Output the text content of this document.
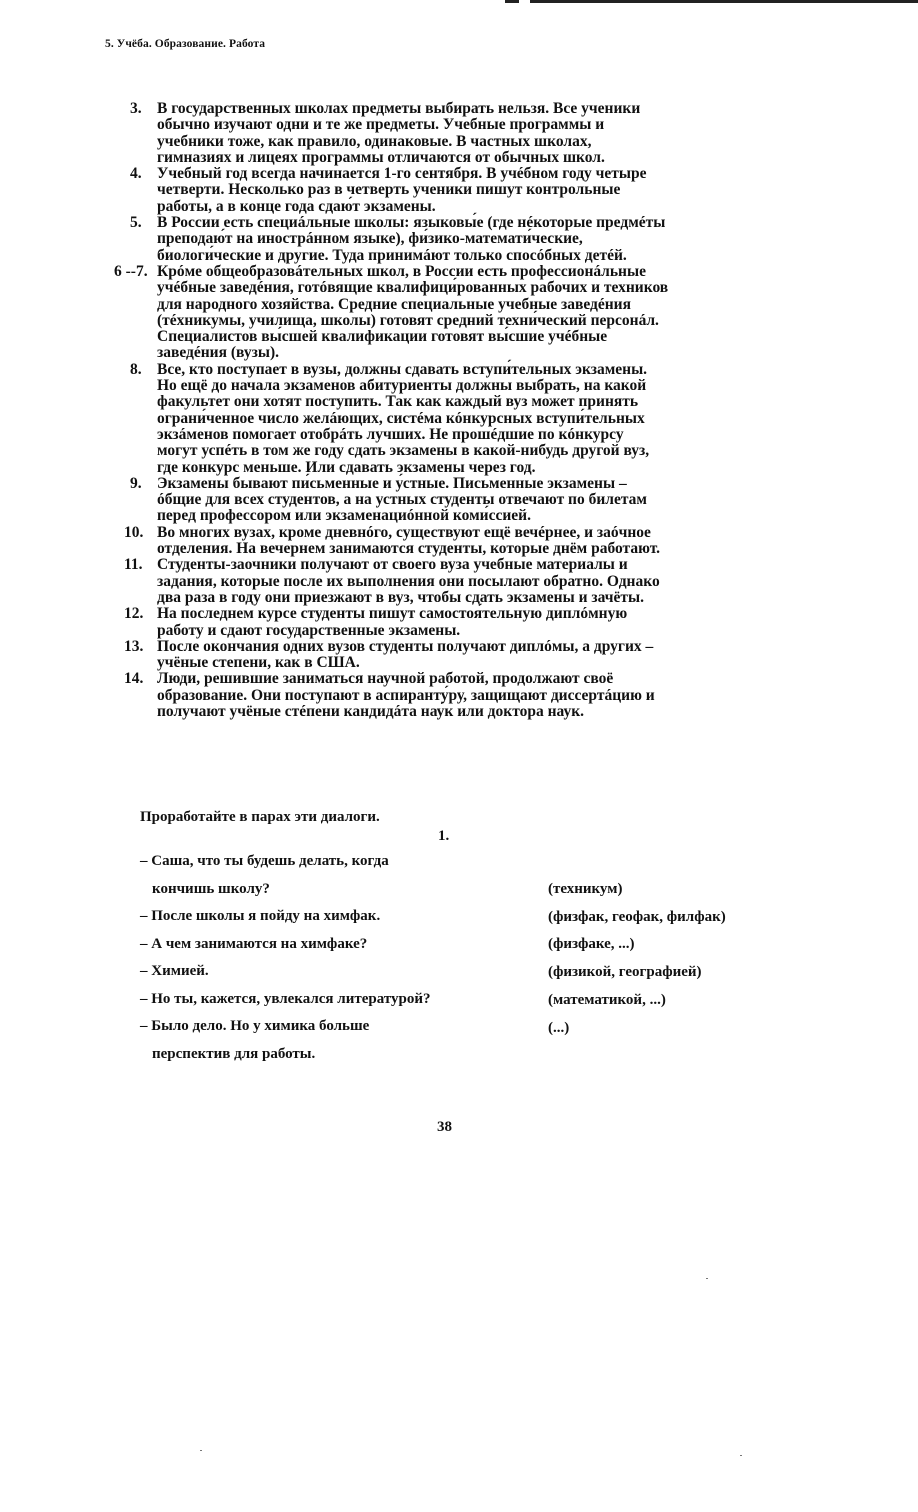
5. Учёба. Образование. Работа
3. В государственных школах предметы выбирать нельзя. Все ученики
обычно изучают одни и те же предметы. Учебные программы и
учебники тоже, как правило, одинаковые. В частных школах,
гимназиях и лицеях программы отличаются от обычных школ.
4. Учебный год всегда начинается 1-го сентября. В учéбном году четыре
четверти. Несколько раз в четверть ученики пишут контрольные
работы, а в конце года сдаю́т экзамены.
5. В России есть специáльные школы: языковы́е (где нéкоторые предмéты
преподаю́т на инострáнном языке), фи́зико-математи́ческие,
биологи́ческие и другие. Туда принимáют только спосóбных детéй.
6 --7. Крóме общеобразовáтельных школ, в России есть профессионáльные
учéбные заведéния, готóвящие квалифици́рованных рабочих и техников
для народного хозяйства. Средние специальные учебные заведéния
(тéхникумы, училища, школы) готовят средний техни́ческий персонáл.
Специалистов вы́сшей квалификации готовят вы́сшие учéбные
заведéния (вузы).
8. Все, кто поступает в вузы, должны сдавать вступи́тельных экзамены.
Но ещё до начала экзаменов абитуриенты должны выбрать, на какой
факультет они хотят поступить. Так как каждый вуз может принять
ограни́ченное число желáющих, систéма кóнкурсных вступи́тельных
экзáменов помогает отобрáть лучших. Не прошéдшие по кóнкурсу
могут успéть в том же году сдать экзамены в какой-нибудь другой вуз,
где конкурс меньше. Или сдавать экзамены через год.
9. Экзамены бывают пи́сьменные и у́стные. Письменные экзамены –
óбщие для всех студентов, а на устных студенты отвечают по билетам
перед профессором или экзаменациóнной коми́ссией.
10. Во многих вузах, кроме дневнóго, существуют ещё вечéрнее, и заóчное
отделения. На вечернем занимаются студенты, которые днём работают.
11. Студенты-заочники получают от своего вуза учебные материалы и
задания, которые после их выполнения они посылают обратно. Однако
два раза в году они приезжают в вуз, чтобы сдать экзамены и зачёты.
12. На последнем курсе студенты пишут самостоя́тельную диплóмную
работу и сдают государственные экзамены.
13. После окончания одних вузов студенты получают диплóмы, а других –
учёные степени, как в США.
14. Люди, решившие заниматься научной работой, продолжают своё
образование. Они поступают в аспиранту́ру, защищают диссертáцию и
получают учёные стéпени кандидáта нау́к или доктора наук.
Проработайте в парах эти диалоги.
1.
– Саша, что ты будешь делать, когда
кончишь школу?
– После школы я пойду на химфак.
– А чем занимаются на химфаке?
– Химией.
– Но ты, кажется, увлекался литературой?
– Было дело. Но у химика больше
перспектив для работы.
(техникум)
(физфак, геофак, филфак)
(физфаке, ...)
(физикой, географией)
(математикой, ...)
(...)
38
